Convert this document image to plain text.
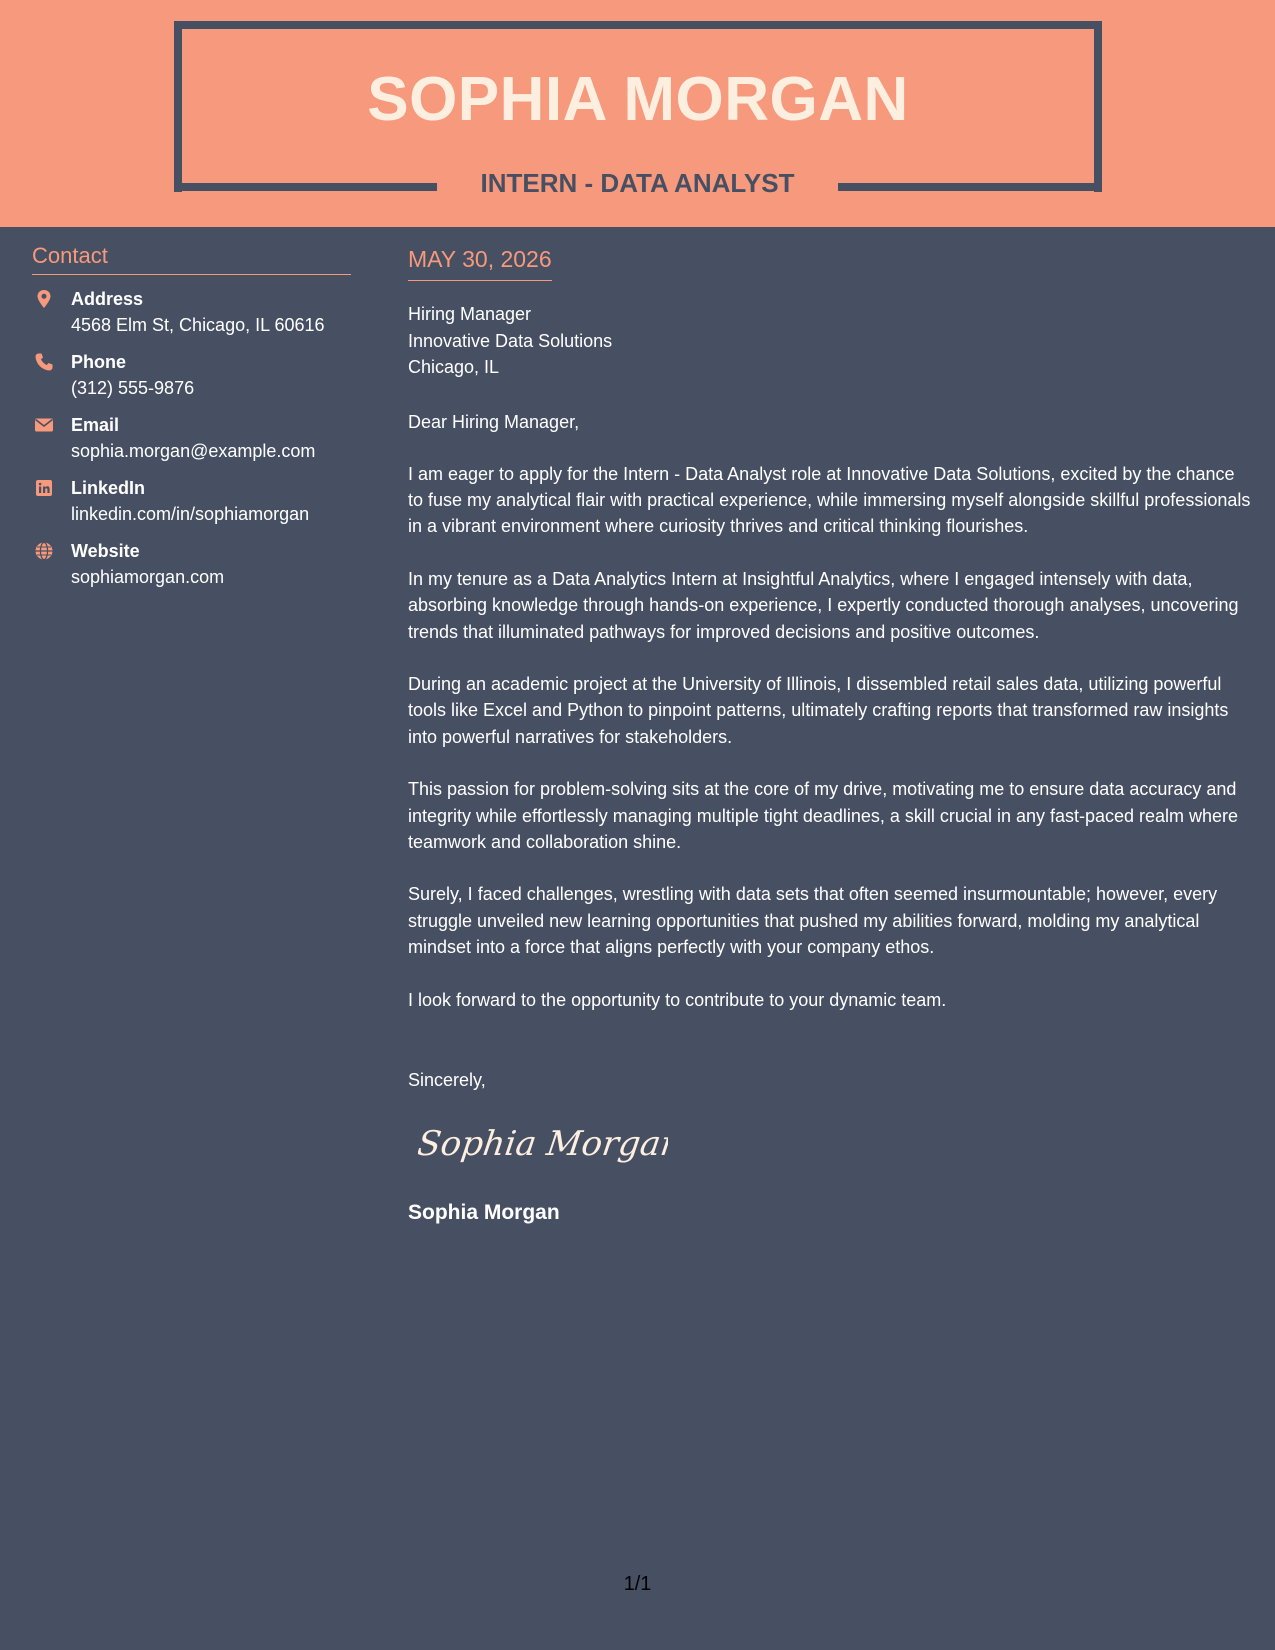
SOPHIA MORGAN
INTERN - DATA ANALYST
Contact
Address
4568 Elm St, Chicago, IL 60616
Phone
(312) 555-9876
Email
sophia.morgan@example.com
LinkedIn
linkedin.com/in/sophiamorgan
Website
sophiamorgan.com
MAY 30, 2026
Hiring Manager
Innovative Data Solutions
Chicago, IL
Dear Hiring Manager,
I am eager to apply for the Intern - Data Analyst role at Innovative Data Solutions, excited by the chance to fuse my analytical flair with practical experience, while immersing myself alongside skillful professionals in a vibrant environment where curiosity thrives and critical thinking flourishes.
In my tenure as a Data Analytics Intern at Insightful Analytics, where I engaged intensely with data, absorbing knowledge through hands-on experience, I expertly conducted thorough analyses, uncovering trends that illuminated pathways for improved decisions and positive outcomes.
During an academic project at the University of Illinois, I dissembled retail sales data, utilizing powerful tools like Excel and Python to pinpoint patterns, ultimately crafting reports that transformed raw insights into powerful narratives for stakeholders.
This passion for problem-solving sits at the core of my drive, motivating me to ensure data accuracy and integrity while effortlessly managing multiple tight deadlines, a skill crucial in any fast-paced realm where teamwork and collaboration shine.
Surely, I faced challenges, wrestling with data sets that often seemed insurmountable; however, every struggle unveiled new learning opportunities that pushed my abilities forward, molding my analytical mindset into a force that aligns perfectly with your company ethos.
I look forward to the opportunity to contribute to your dynamic team.
Sincerely,
Sophia Morgan
Sophia Morgan
1/1
